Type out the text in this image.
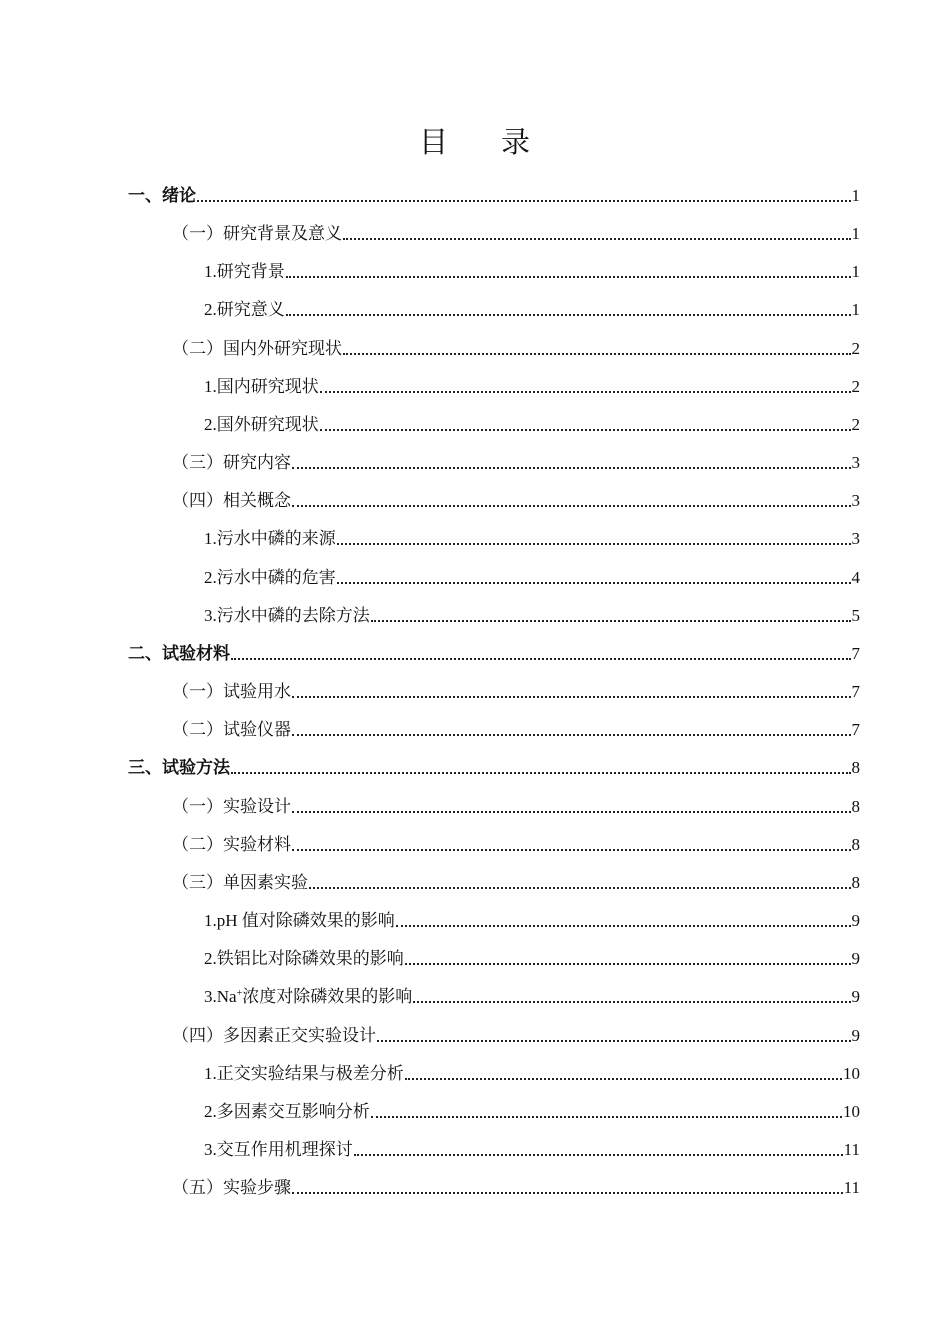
目 录
一、绪论	1
（一）研究背景及意义	1
1.研究背景	1
2.研究意义	1
（二）国内外研究现状	2
1.国内研究现状	2
2.国外研究现状	2
（三）研究内容	3
（四）相关概念	3
1.污水中磷的来源	3
2.污水中磷的危害	4
3.污水中磷的去除方法	5
二、试验材料	7
（一）试验用水	7
（二）试验仪器	7
三、试验方法	8
（一）实验设计	8
（二）实验材料	8
（三）单因素实验	8
1.pH 值对除磷效果的影响	9
2.铁铝比对除磷效果的影响	9
3.Na+浓度对除磷效果的影响	9
（四）多因素正交实验设计	9
1.正交实验结果与极差分析	10
2.多因素交互影响分析	10
3.交互作用机理探讨	11
（五）实验步骤	11
